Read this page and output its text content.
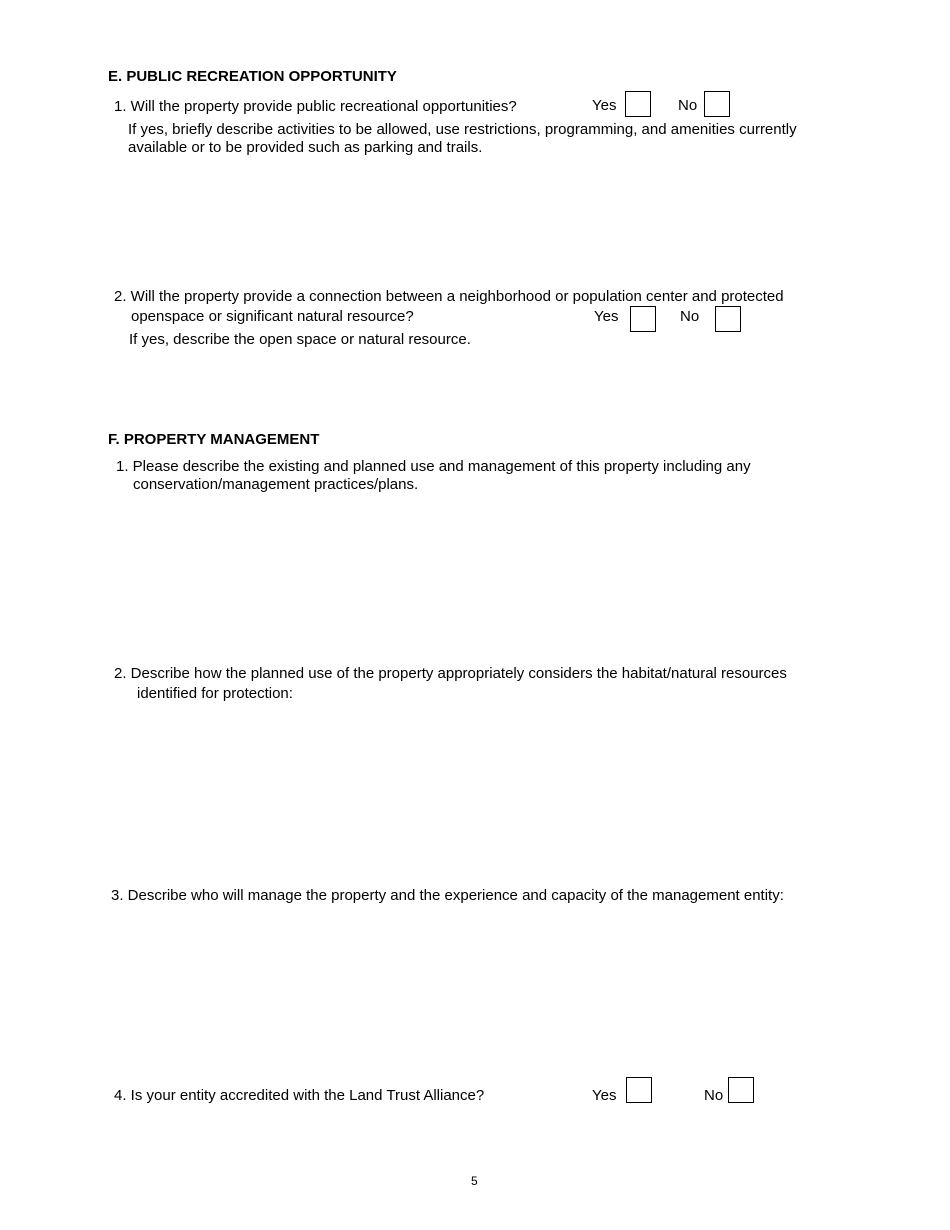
E. PUBLIC RECREATION OPPORTUNITY
1. Will the property provide public recreational opportunities?	Yes	No
If yes, briefly describe activities to be allowed, use restrictions, programming, and amenities currently
available or to be provided such as parking and trails.
2. Will the property provide a connection between a neighborhood or population center and protected
openspace or significant natural resource?	Yes	No
If yes, describe the open space or natural resource.
F. PROPERTY MANAGEMENT
1. Please describe the existing and planned use and management of this property including any
conservation/management practices/plans.
2. Describe how the planned use of the property appropriately considers the habitat/natural resources
identified for protection:
3. Describe who will manage the property and the experience and capacity of the management entity:
4. Is your entity accredited with the Land Trust Alliance?	Yes	No
5
